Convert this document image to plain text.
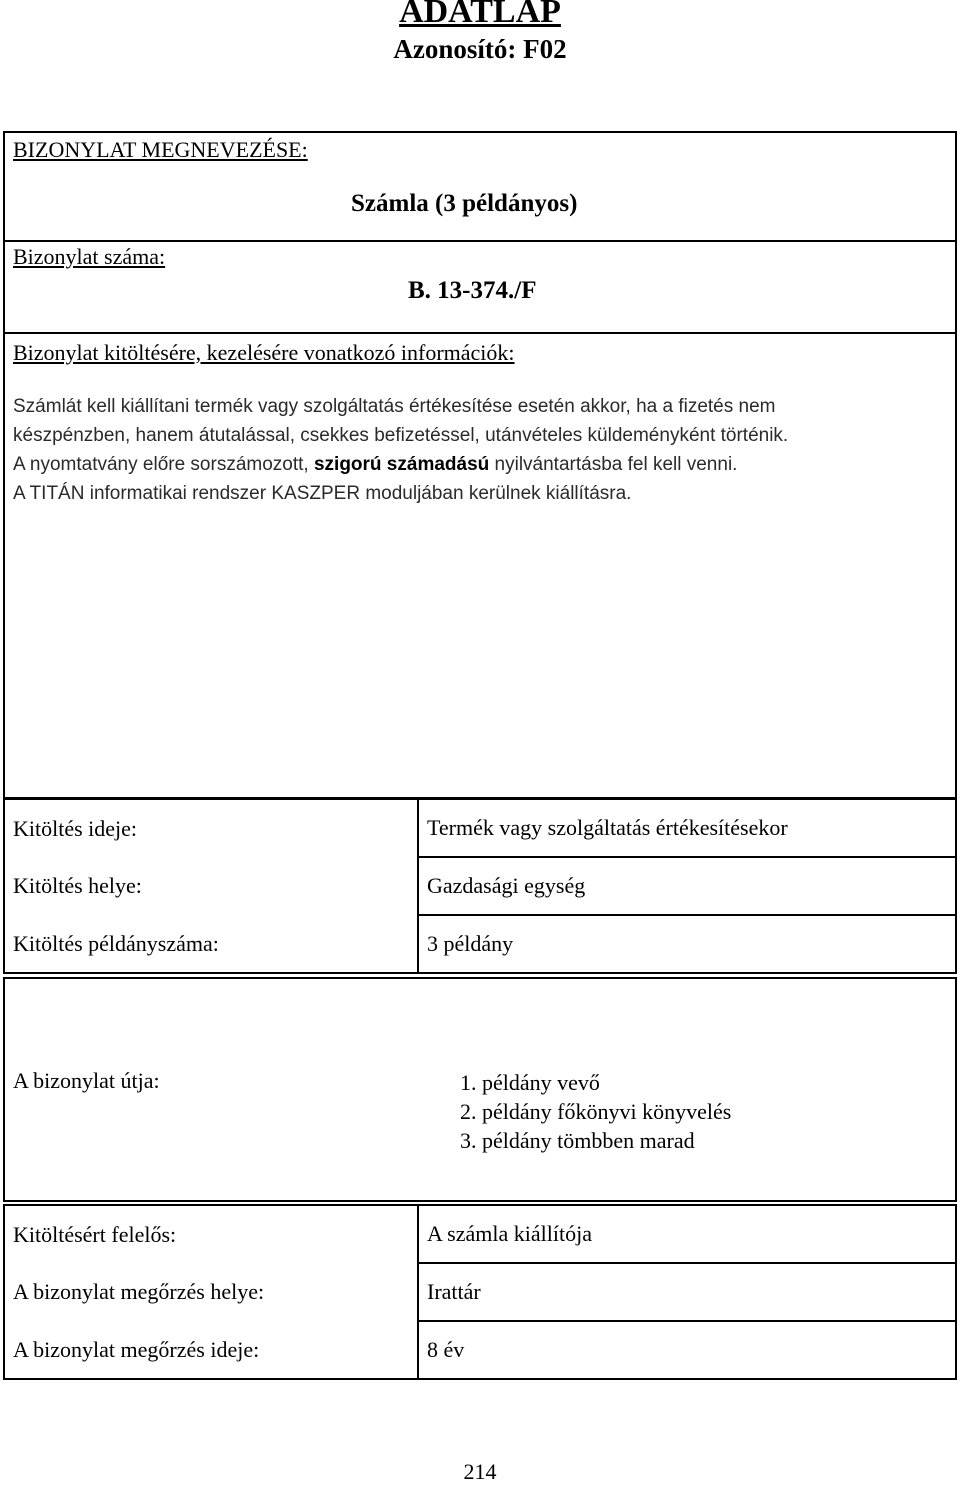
ADATLAP
Azonosító: F02
BIZONYLAT MEGNEVEZÉSE:
Számla (3 példányos)
Bizonylat száma:
B. 13-374./F
Bizonylat kitöltésére, kezelésére vonatkozó információk:

Számlát kell kiállítani termék vagy szolgáltatás értékesítése esetén akkor, ha a fizetés nem

készpénzben, hanem átutalással, csekkes befizetéssel, utánvételes küldeményként történik.

A nyomtatvány előre sorszámozott, szigorú számadású nyilvántartásba fel kell venni.

A TITÁN informatikai rendszer KASZPER moduljában kerülnek kiállításra.

Kitöltés ideje:	Termék vagy szolgáltatás értékesítésekor
Kitöltés helye:	Gazdasági egység
Kitöltés példányszáma:	3 példány
A bizonylat útja:	1. példány vevő
2. példány főkönyvi könyvelés
3. példány tömbben marad
Kitöltésért felelős:	A számla kiállítója
A bizonylat megőrzés helye:	Irattár
A bizonylat megőrzés ideje:	8 év
214
